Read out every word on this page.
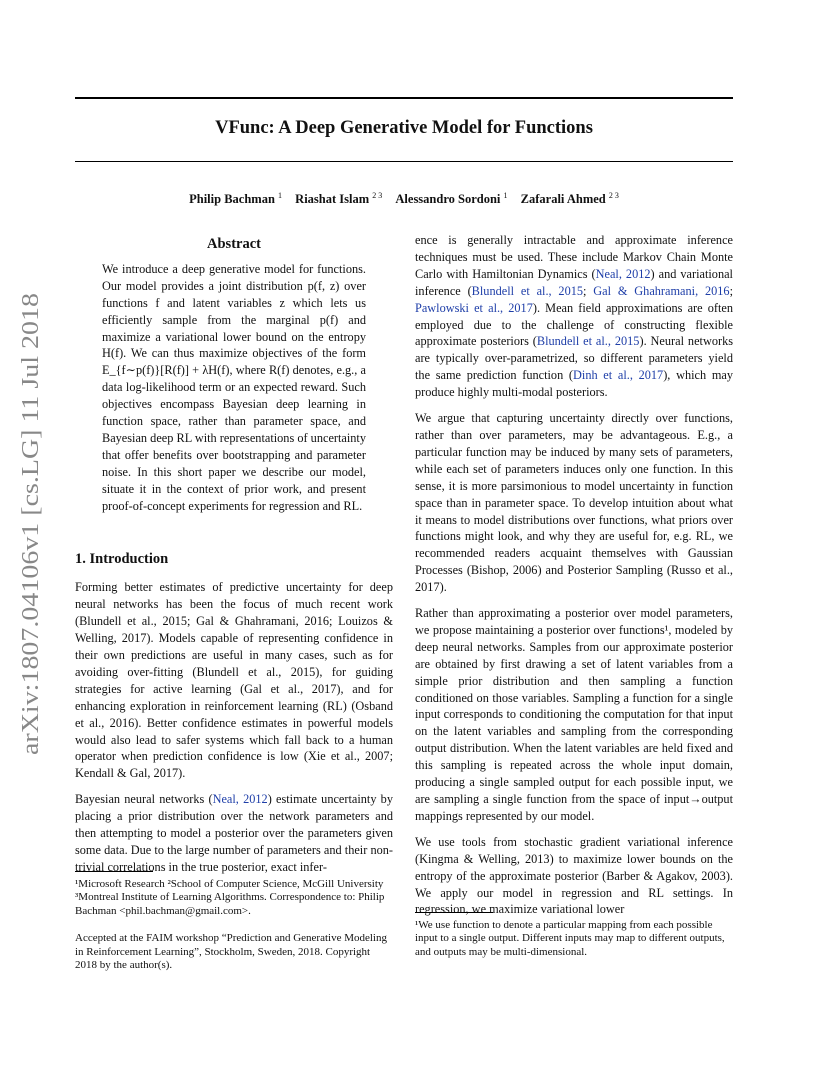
VFunc: A Deep Generative Model for Functions
Philip Bachman $^1$ Riashat Islam $^{2 3}$ Alessandro Sordoni $^1$ Zafarali Ahmed $^{2 3}$
arXiv:1807.04106v1 [cs.LG] 11 Jul 2018
Abstract
We introduce a deep generative model for functions. Our model provides a joint distribution p(f, z) over functions f and latent variables z which lets us efficiently sample from the marginal p(f) and maximize a variational lower bound on the entropy H(f). We can thus maximize objectives of the form E_{f∼p(f)}[R(f)] + λH(f), where R(f) denotes, e.g., a data log-likelihood term or an expected reward. Such objectives encompass Bayesian deep learning in function space, rather than parameter space, and Bayesian deep RL with representations of uncertainty that offer benefits over bootstrapping and parameter noise. In this short paper we describe our model, situate it in the context of prior work, and present proof-of-concept experiments for regression and RL.
1. Introduction

Forming better estimates of predictive uncertainty for deep neural networks has been the focus of much recent work (Blundell et al., 2015; Gal & Ghahramani, 2016; Louizos & Welling, 2017). Models capable of representing confidence in their own predictions are useful in many cases, such as for avoiding over-fitting (Blundell et al., 2015), for guiding strategies for active learning (Gal et al., 2017), and for enhancing exploration in reinforcement learning (RL) (Osband et al., 2016). Better confidence estimates in powerful models would also lead to safer systems which fall back to a human operator when prediction confidence is low (Xie et al., 2007; Kendall & Gal, 2017).

Bayesian neural networks (Neal, 2012) estimate uncertainty by placing a prior distribution over the network parameters and then attempting to model a posterior over the parameters given some data. Due to the large number of parameters and their non-trivial correlations in the true posterior, exact infer-

¹Microsoft Research ²School of Computer Science, McGill University ³Montreal Institute of Learning Algorithms. Correspondence to: Philip Bachman <phil.bachman@gmail.com>.
Accepted at the FAIM workshop “Prediction and Generative Modeling in Reinforcement Learning”, Stockholm, Sweden, 2018. Copyright 2018 by the author(s).

ence is generally intractable and approximate inference techniques must be used. These include Markov Chain Monte Carlo with Hamiltonian Dynamics (Neal, 2012) and variational inference (Blundell et al., 2015; Gal & Ghahramani, 2016; Pawlowski et al., 2017). Mean field approximations are often employed due to the challenge of constructing flexible approximate posteriors (Blundell et al., 2015). Neural networks are typically over-parametrized, so different parameters yield the same prediction function (Dinh et al., 2017), which may produce highly multi-modal posteriors.

We argue that capturing uncertainty directly over functions, rather than over parameters, may be advantageous. E.g., a particular function may be induced by many sets of parameters, while each set of parameters induces only one function. In this sense, it is more parsimonious to model uncertainty in function space than in parameter space. To develop intuition about what it means to model distributions over functions, what priors over functions might look, and why they are useful for, e.g. RL, we recommended readers acquaint themselves with Gaussian Processes (Bishop, 2006) and Posterior Sampling (Russo et al., 2017).

Rather than approximating a posterior over model parameters, we propose maintaining a posterior over functions¹, modeled by deep neural networks. Samples from our approximate posterior are obtained by first drawing a set of latent variables from a simple prior distribution and then sampling a function conditioned on those variables. Sampling a function for a single input corresponds to conditioning the computation for that input on the latent variables and sampling from the corresponding output distribution. When the latent variables are held fixed and this sampling is repeated across the whole input domain, producing a single sampled output for each possible input, we are sampling a single function from the space of input→output mappings represented by our model.

We use tools from stochastic gradient variational inference (Kingma & Welling, 2013) to maximize lower bounds on the entropy of the approximate posterior (Barber & Agakov, 2003). We apply our model in regression and RL settings. In regression, we maximize variational lower

¹We use function to denote a particular mapping from each possible input to a single output. Different inputs may map to different outputs, and outputs may be multi-dimensional.
